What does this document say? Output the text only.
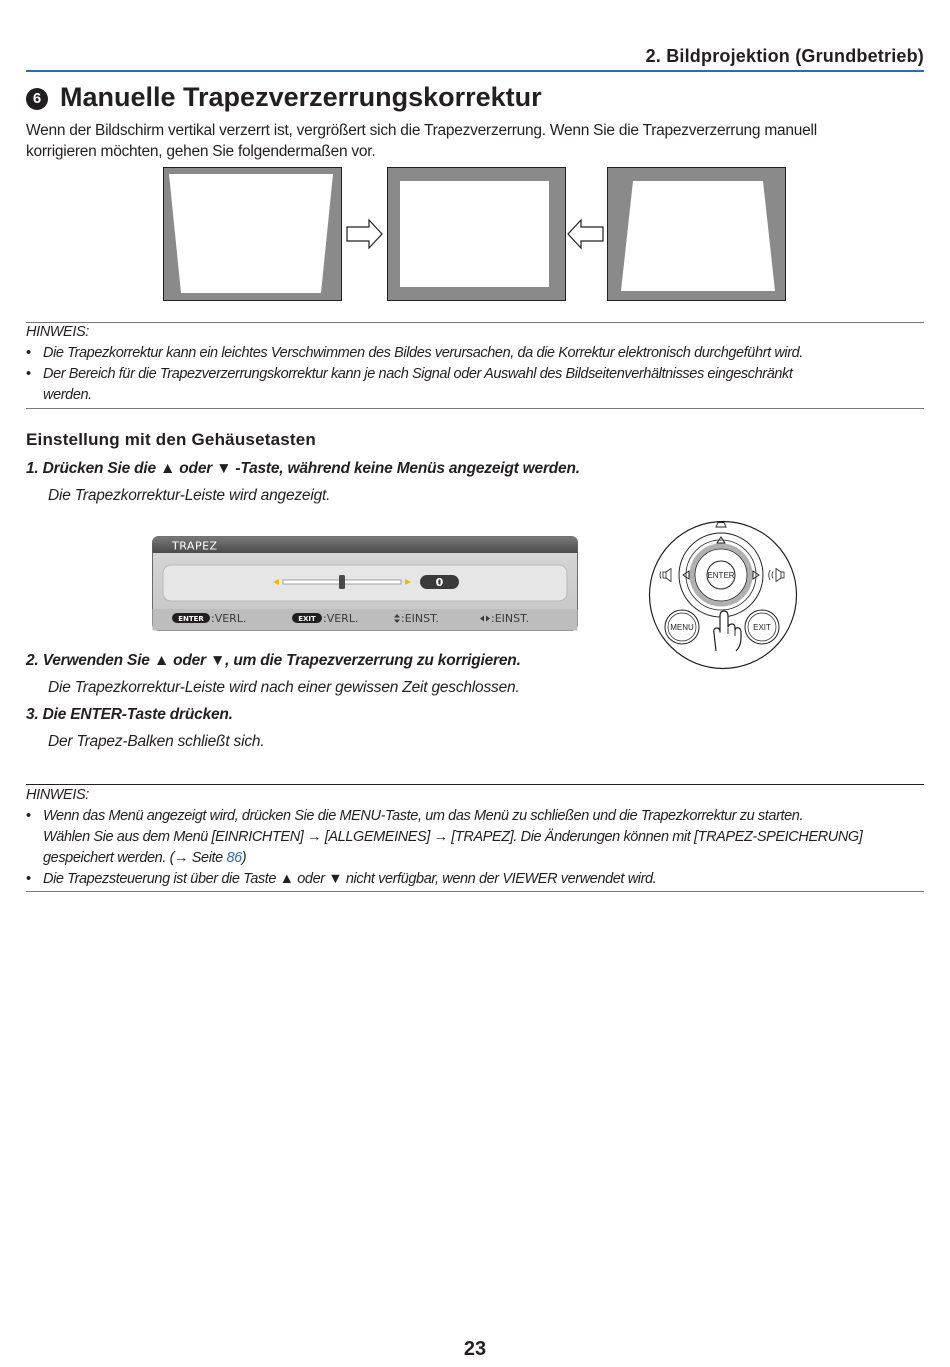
2. Bildprojektion (Grundbetrieb)
6 Manuelle Trapezverzerrungskorrektur
Wenn der Bildschirm vertikal verzerrt ist, vergrößert sich die Trapezverzerrung. Wenn Sie die Trapezverzerrung manuell
korrigieren möchten, gehen Sie folgendermaßen vor.
HINWEIS:
• Die Trapezkorrektur kann ein leichtes Verschwimmen des Bildes verursachen, da die Korrektur elektronisch durchgeführt wird.
• Der Bereich für die Trapezverzerrungskorrektur kann je nach Signal oder Auswahl des Bildseitenverhältnisses eingeschränkt
werden.
Einstellung mit den Gehäusetasten
1. Drücken Sie die ▲ oder ▼ -Taste, während keine Menüs angezeigt werden.
Die Trapezkorrektur-Leiste wird angezeigt.
TRAPEZ
0
ENTER :VERL.	EXIT :VERL.	:EINST.	:EINST.
ENTER
MENU	EXIT
2. Verwenden Sie ▲ oder ▼, um die Trapezverzerrung zu korrigieren.
Die Trapezkorrektur-Leiste wird nach einer gewissen Zeit geschlossen.
3. Die ENTER-Taste drücken.
Der Trapez-Balken schließt sich.
HINWEIS:
• Wenn das Menü angezeigt wird, drücken Sie die MENU-Taste, um das Menü zu schließen und die Trapezkorrektur zu starten.
Wählen Sie aus dem Menü [EINRICHTEN] → [ALLGEMEINES] → [TRAPEZ]. Die Änderungen können mit [TRAPEZ-SPEICHERUNG]
gespeichert werden. (→ Seite 86)
• Die Trapezsteuerung ist über die Taste ▲ oder ▼ nicht verfügbar, wenn der VIEWER verwendet wird.
23
